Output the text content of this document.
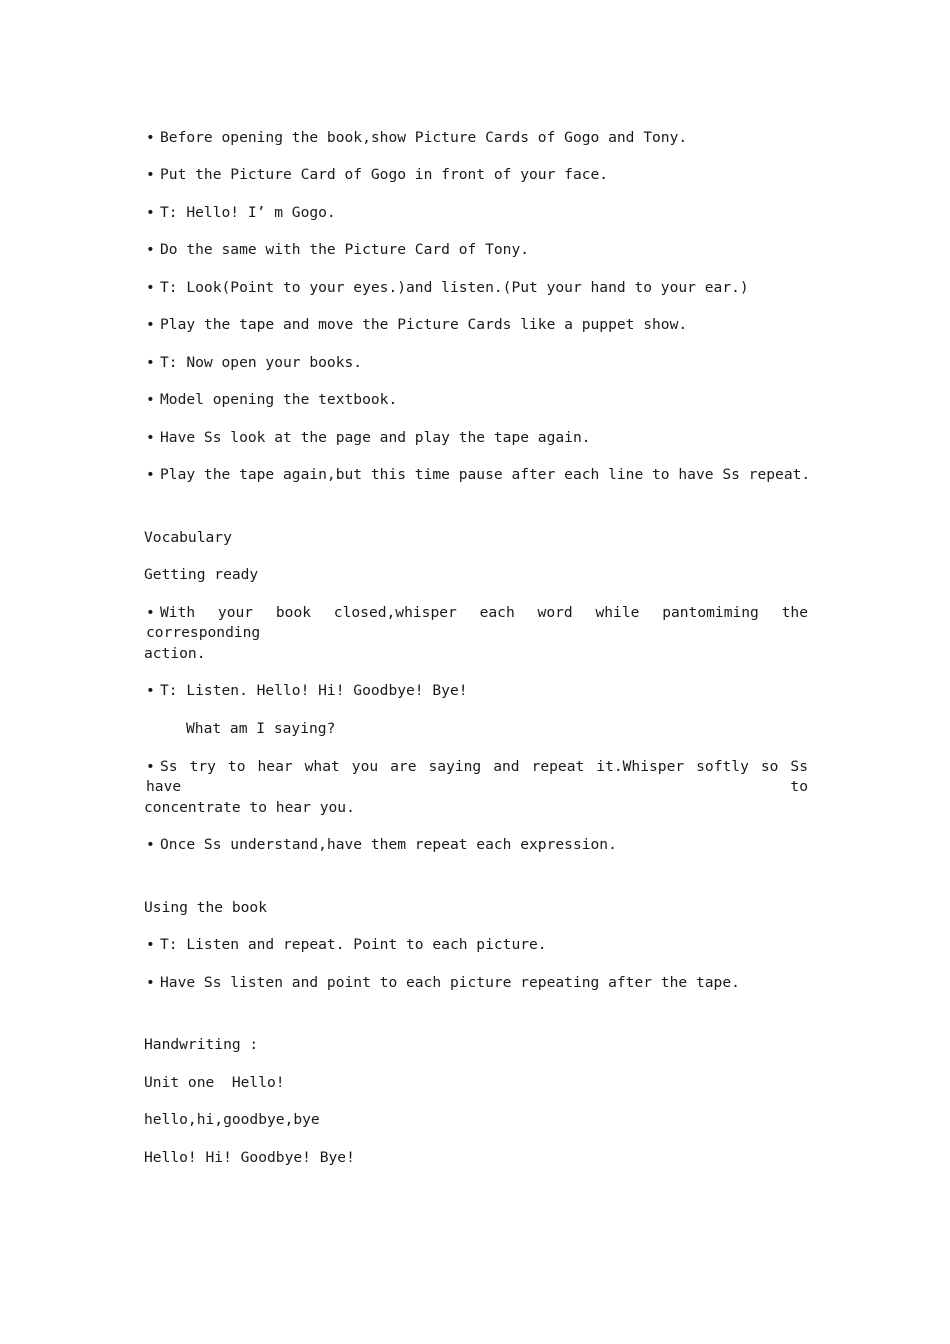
• Before opening the book,show Picture Cards of Gogo and Tony.
• Put the Picture Card of Gogo in front of your face.
• T: Hello! I’ m Gogo.
• Do the same with the Picture Card of Tony.
• T: Look(Point to your eyes.)and listen.(Put your hand to your ear.)
• Play the tape and move the Picture Cards like a puppet show.
• T: Now open your books.
• Model opening the textbook.
• Have Ss look at the page and play the tape again.
• Play the tape again,but this time pause after each line to have Ss repeat.
Vocabulary
Getting ready
• With your book closed,whisper each word while pantomiming the corresponding
action.
• T: Listen. Hello! Hi! Goodbye! Bye!
What am I saying?
• Ss try to hear what you are saying and repeat it.Whisper softly so Ss have to
concentrate to hear you.
• Once Ss understand,have them repeat each expression.
Using the book
• T: Listen and repeat. Point to each picture.
• Have Ss listen and point to each picture repeating after the tape.
Handwriting :
Unit one  Hello!
hello,hi,goodbye,bye
Hello! Hi! Goodbye! Bye!
